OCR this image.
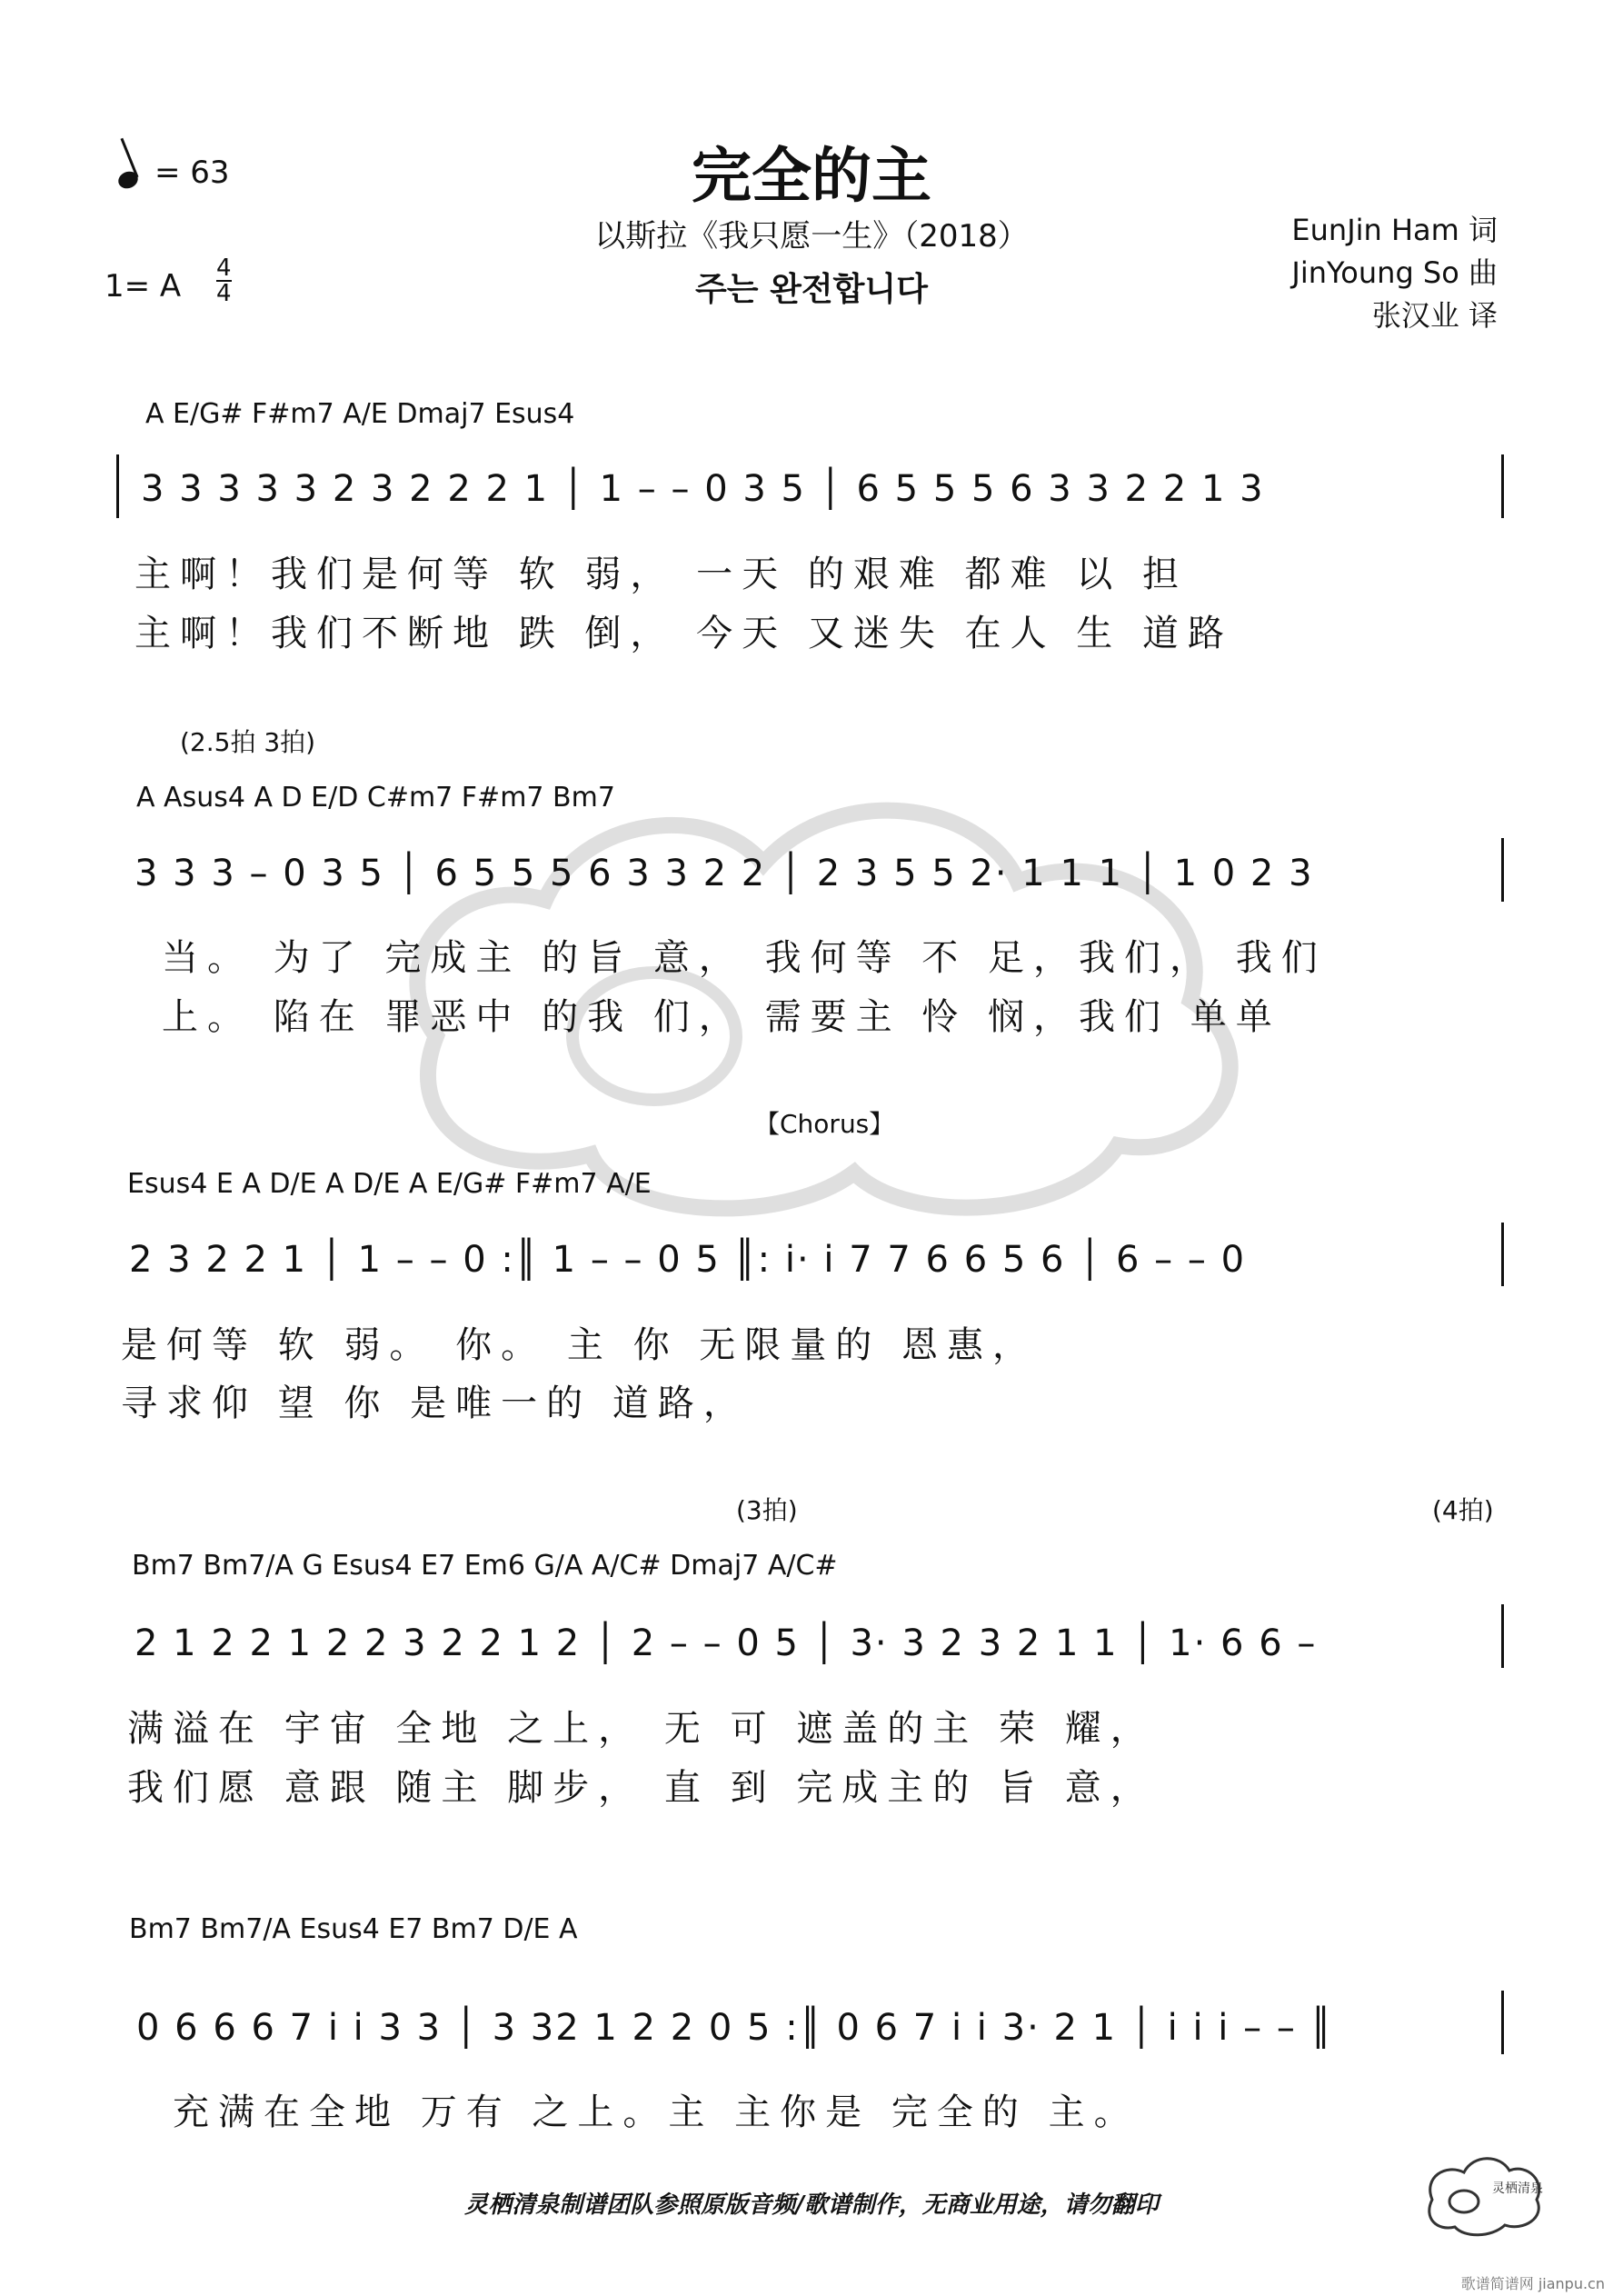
= 63
1= A 4
4
完全的主
以斯拉《我只愿一生》（2018）
주는 완전합니다
EunJin Ham 词
JinYoung So 曲
张汉业 译
A E/G# F#m7 A/E Dmaj7 Esus4
3 3 3 3 3 2 3 2 2 2 1 │ 1 – – 0 3 5 │ 6 5 5 5 6 3 3 2 2 1 3
主啊！我们是何等 软 弱， 一天 的艰难 都难 以 担
主啊！我们不断地 跌 倒， 今天 又迷失 在人 生 道路
(2.5拍 3拍)
A Asus4 A D E/D C#m7 F#m7 Bm7
3 3 3 – 0 3 5 │ 6 5 5 5 6 3 3 2 2 │ 2 3 5 5 2· 1 1 1 │ 1 0 2 3
当。 为了 完成主 的旨 意， 我何等 不 足，我们， 我们
上。 陷在 罪恶中 的我 们， 需要主 怜 悯，我们 单单
【Chorus】
Esus4 E A D/E A D/E A E/G# F#m7 A/E
2 3 2 2 1 │ 1 – – 0 :║ 1 – – 0 5 ║: i· i 7 7 6 6 5 6 │ 6 – – 0
是何等 软 弱。 你。 主 你 无限量的 恩惠，
寻求仰 望 你 是唯一的 道路，
(3拍)	(4拍)
Bm7 Bm7/A G Esus4 E7 Em6 G/A A/C# Dmaj7 A/C#
2 1 2 2 1 2 2 3 2 2 1 2 │ 2 – – 0 5 │ 3· 3 2 3 2 1 1 │ 1· 6 6 –
满溢在 宇宙 全地 之上， 无 可 遮盖的主 荣 耀，
我们愿 意跟 随主 脚步， 直 到 完成主的 旨 意，
Bm7 Bm7/A Esus4 E7 Bm7 D/E A
0 6 6 6 7 i i 3 3 │ 3 32 1 2 2 0 5 :║ 0 6 7 i i 3· 2 1 │ i i i – – ║
充满在全地 万有 之上。主 主你是 完全的 主。
灵栖清泉制谱团队参照原版音频/歌谱制作，无商业用途，请勿翻印
灵栖清泉
歌谱简谱网 jianpu.cn
